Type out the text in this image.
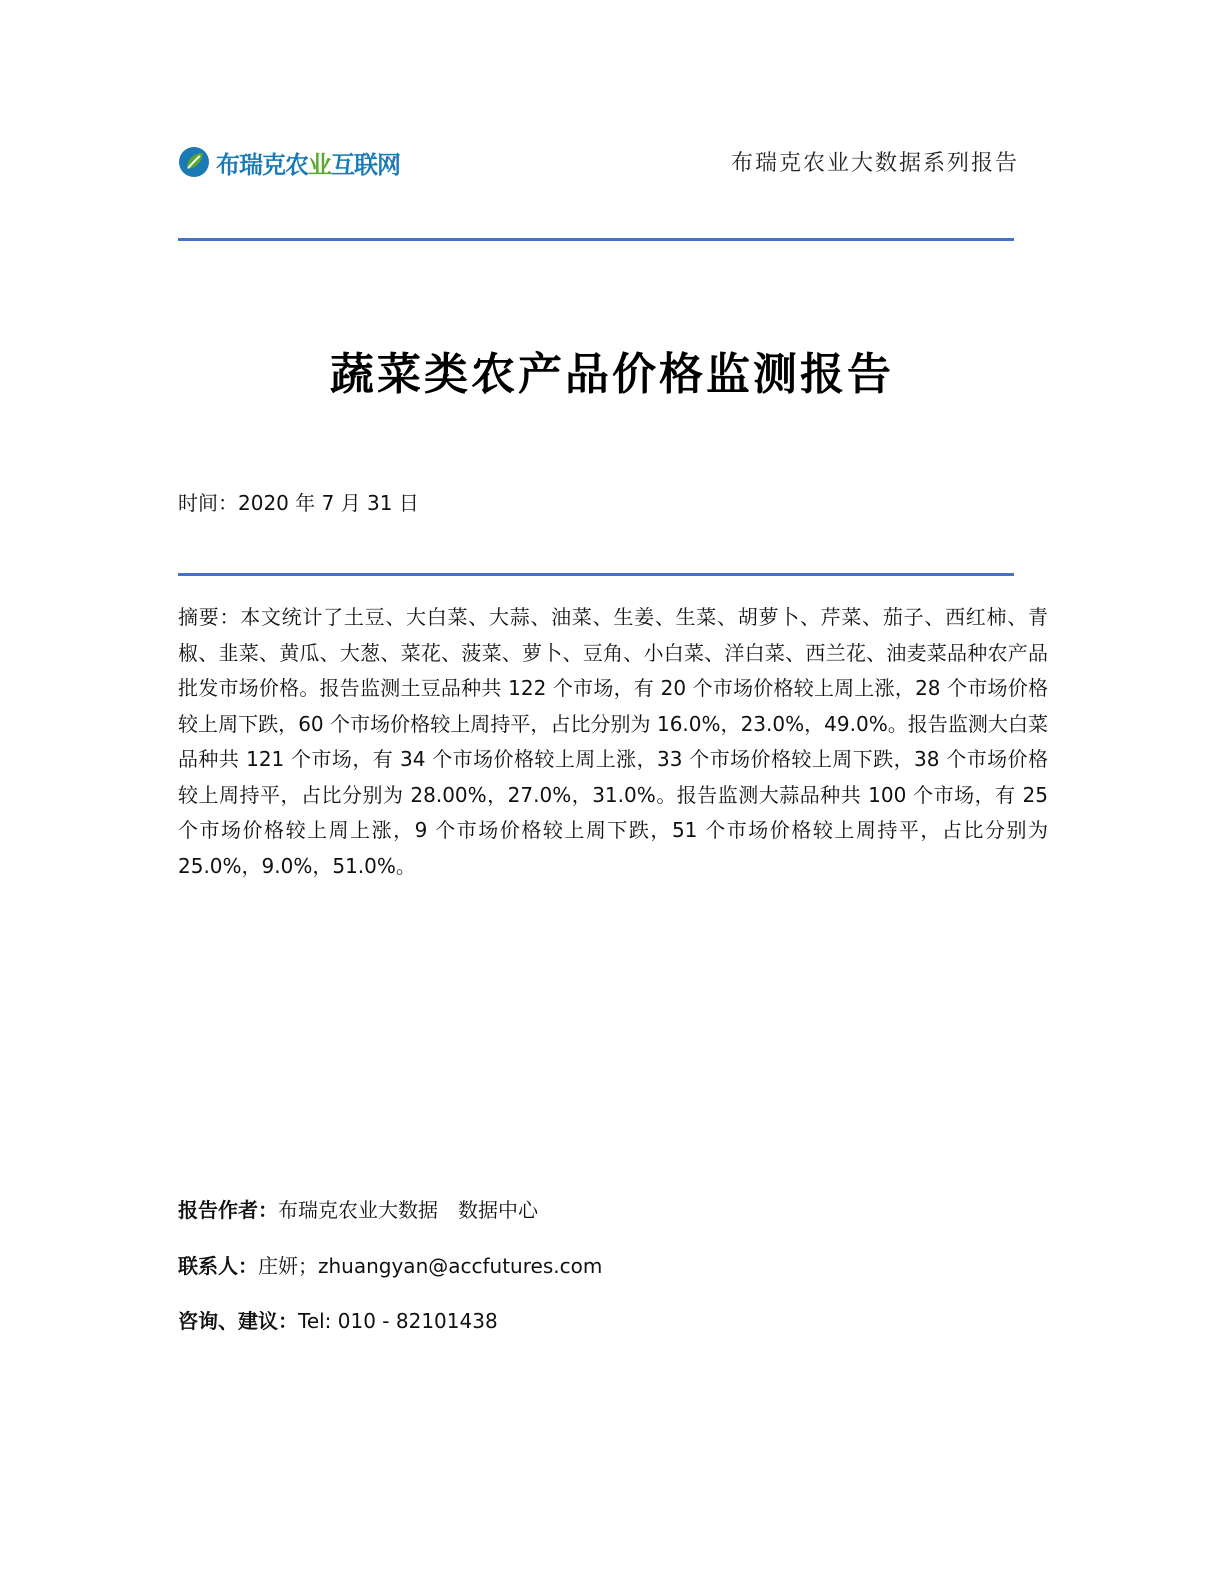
布瑞克农业互联网	布瑞克农业大数据系列报告
蔬菜类农产品价格监测报告
时间：2020 年 7 月 31 日
摘要：本文统计了土豆、大白菜、大蒜、油菜、生姜、生菜、胡萝卜、芹菜、茄子、西红柿、青椒、韭菜、黄瓜、大葱、菜花、菠菜、萝卜、豆角、小白菜、洋白菜、西兰花、油麦菜品种农产品批发市场价格。报告监测土豆品种共 122 个市场，有 20 个市场价格较上周上涨，28 个市场价格较上周下跌，60 个市场价格较上周持平，占比分别为 16.0%，23.0%，49.0%。报告监测大白菜品种共 121 个市场，有 34 个市场价格较上周上涨，33 个市场价格较上周下跌，38 个市场价格较上周持平，占比分别为 28.00%，27.0%，31.0%。报告监测大蒜品种共 100 个市场，有 25 个市场价格较上周上涨，9 个市场价格较上周下跌，51 个市场价格较上周持平，占比分别为 25.0%，9.0%，51.0%。
报告作者：布瑞克农业大数据　数据中心
联系人：庄妍；zhuangyan@accfutures.com
咨询、建议：Tel: 010 - 82101438
